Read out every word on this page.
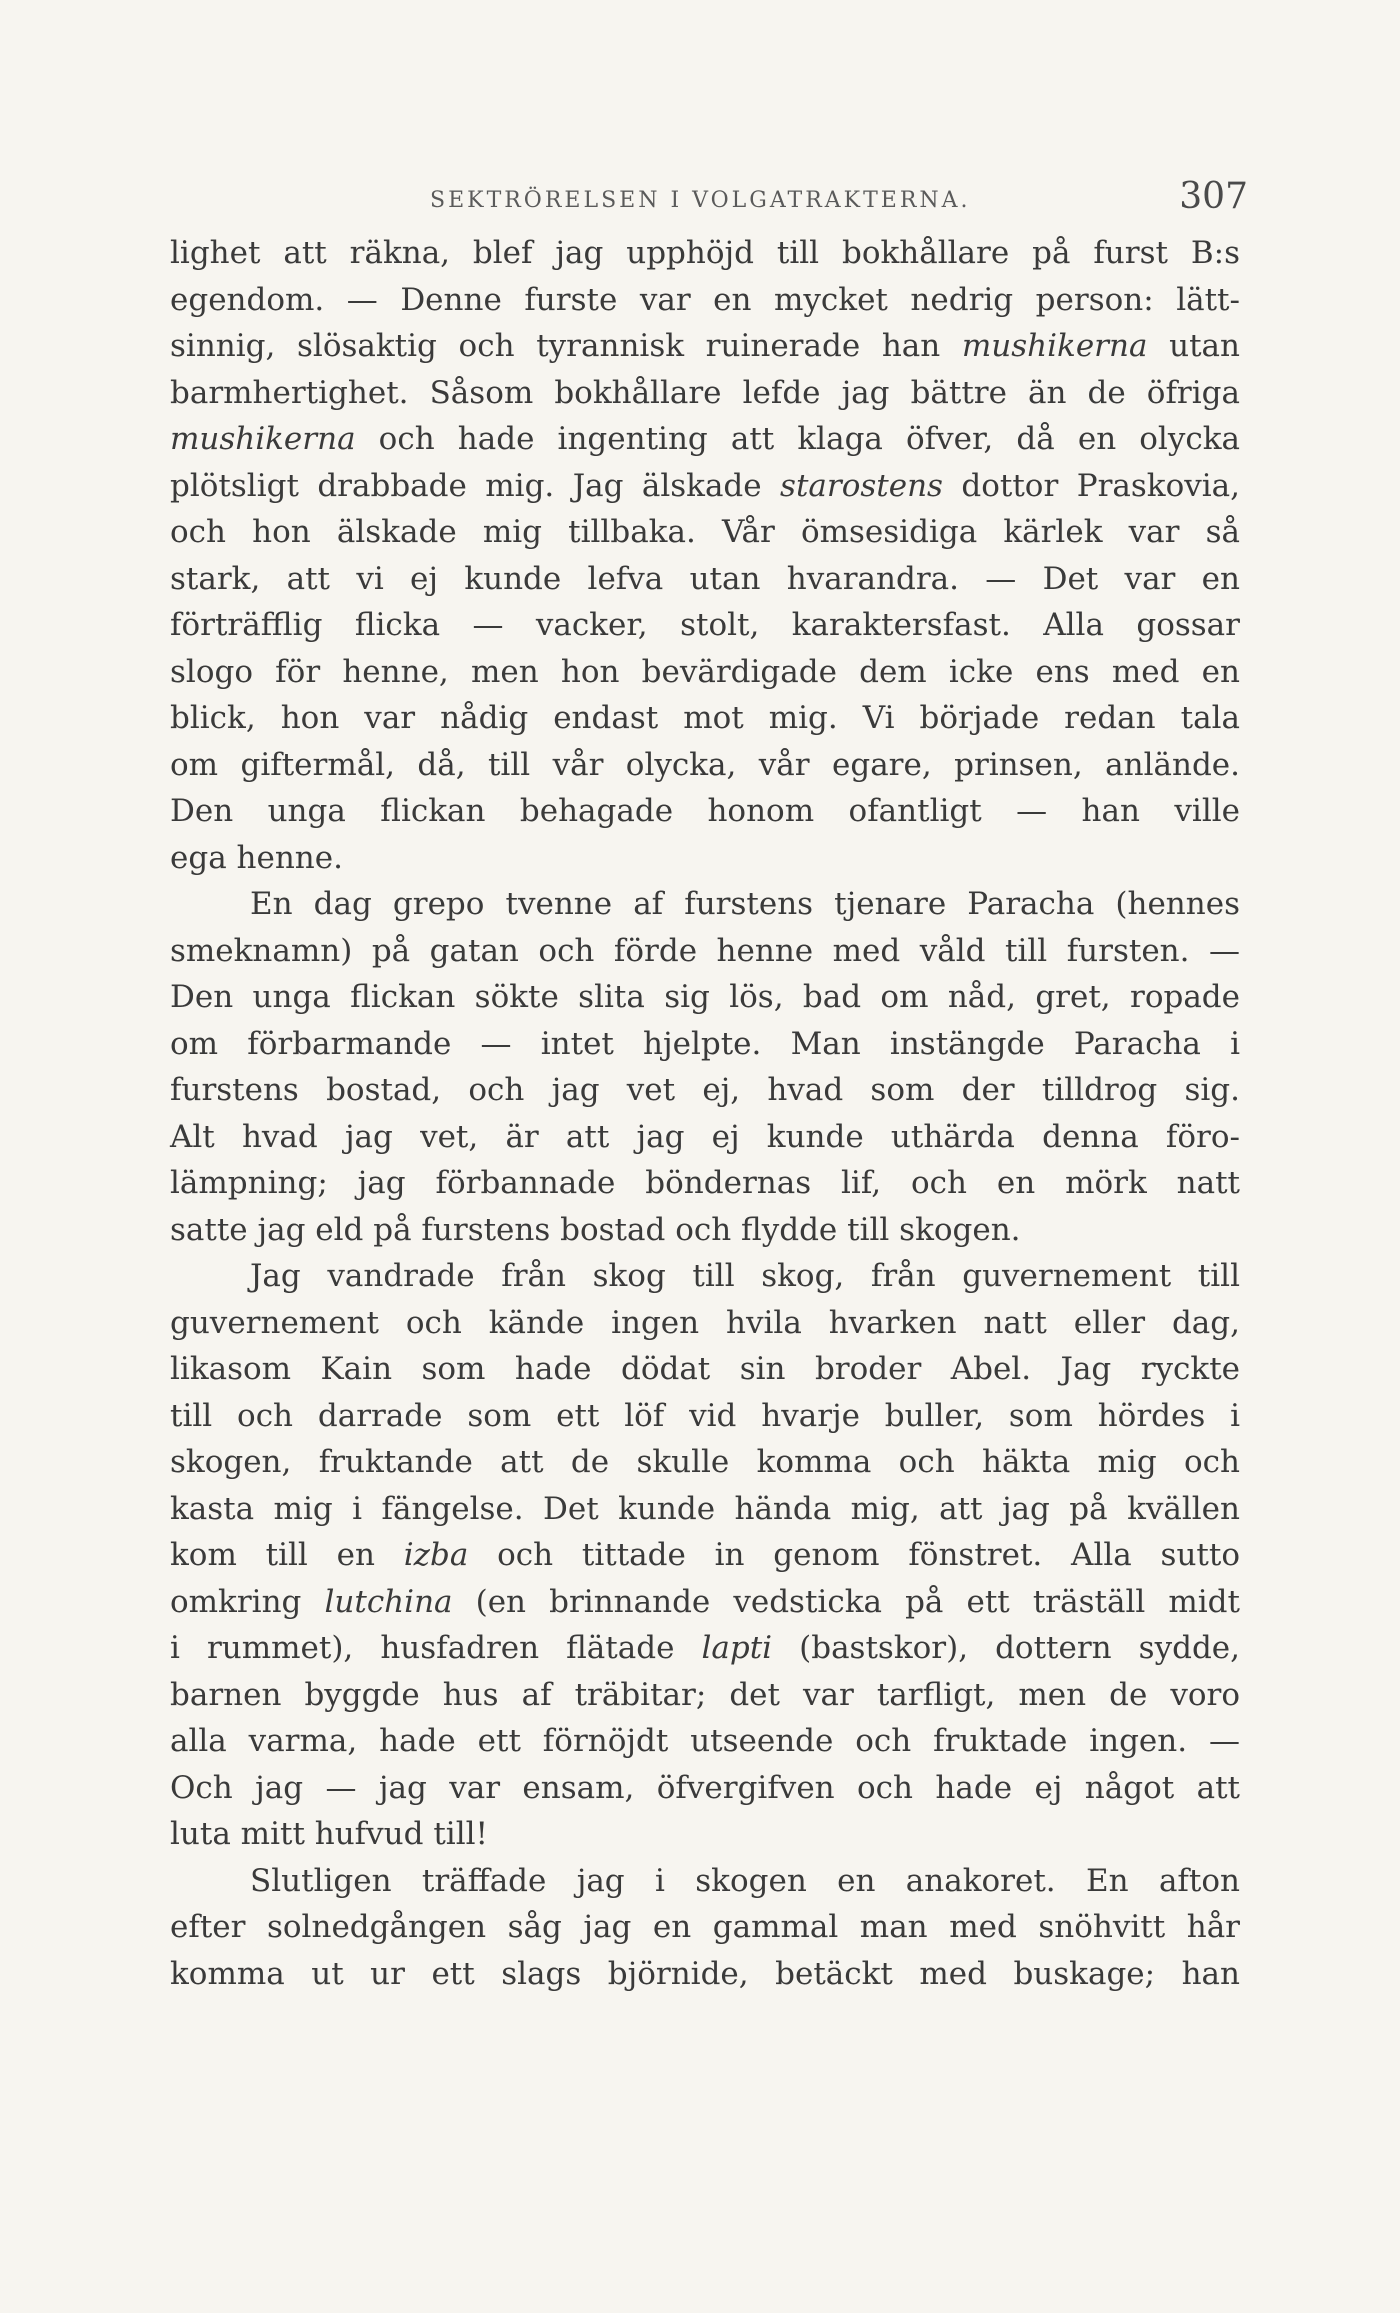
SEKTRÖRELSEN I VOLGATRAKTERNA.	307
lighet att räkna, blef jag upphöjd till bokhållare på furst B:s
egendom. — Denne furste var en mycket nedrig person: lätt-
sinnig, slösaktig och tyrannisk ruinerade han mushikerna utan
barmhertighet. Såsom bokhållare lefde jag bättre än de öfriga
mushikerna och hade ingenting att klaga öfver, då en olycka
plötsligt drabbade mig. Jag älskade starostens dottor Praskovia,
och hon älskade mig tillbaka. Vår ömsesidiga kärlek var så
stark, att vi ej kunde lefva utan hvarandra. — Det var en
förträfflig flicka — vacker, stolt, karaktersfast. Alla gossar
slogo för henne, men hon bevärdigade dem icke ens med en
blick, hon var nådig endast mot mig. Vi började redan tala
om giftermål, då, till vår olycka, vår egare, prinsen, anlände.
Den unga flickan behagade honom ofantligt — han ville
ega henne.
En dag grepo tvenne af furstens tjenare Paracha (hennes
smeknamn) på gatan och förde henne med våld till fursten. —
Den unga flickan sökte slita sig lös, bad om nåd, gret, ropade
om förbarmande — intet hjelpte. Man instängde Paracha i
furstens bostad, och jag vet ej, hvad som der tilldrog sig.
Alt hvad jag vet, är att jag ej kunde uthärda denna föro-
lämpning; jag förbannade böndernas lif, och en mörk natt
satte jag eld på furstens bostad och flydde till skogen.
Jag vandrade från skog till skog, från guvernement till
guvernement och kände ingen hvila hvarken natt eller dag,
likasom Kain som hade dödat sin broder Abel. Jag ryckte
till och darrade som ett löf vid hvarje buller, som hördes i
skogen, fruktande att de skulle komma och häkta mig och
kasta mig i fängelse. Det kunde hända mig, att jag på kvällen
kom till en izba och tittade in genom fönstret. Alla sutto
omkring lutchina (en brinnande vedsticka på ett träställ midt
i rummet), husfadren flätade lapti (bastskor), dottern sydde,
barnen byggde hus af träbitar; det var tarfligt, men de voro
alla varma, hade ett förnöjdt utseende och fruktade ingen. —
Och jag — jag var ensam, öfvergifven och hade ej något att
luta mitt hufvud till!
Slutligen träffade jag i skogen en anakoret. En afton
efter solnedgången såg jag en gammal man med snöhvitt hår
komma ut ur ett slags björnide, betäckt med buskage; han
